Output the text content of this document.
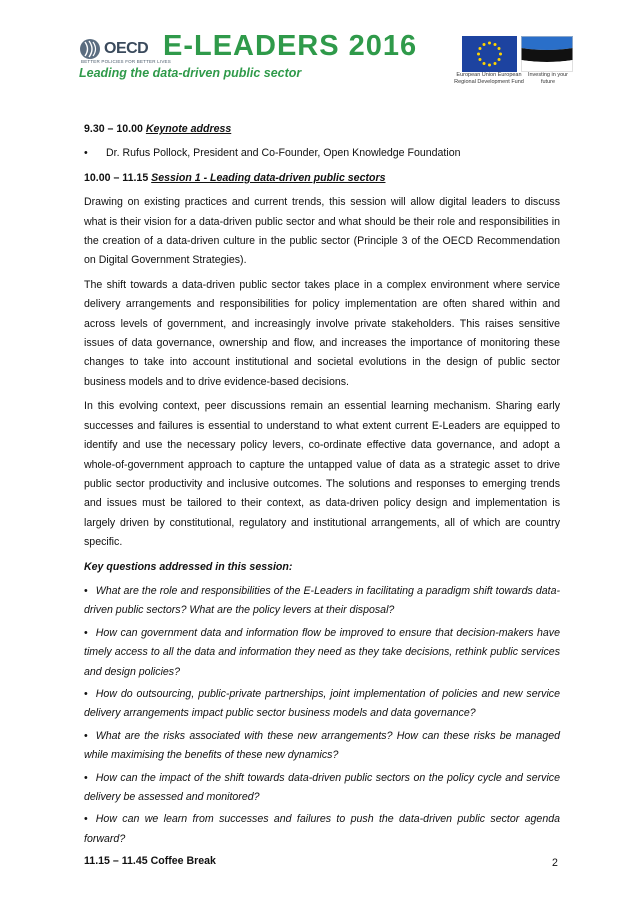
OECD
BETTER POLICIES FOR BETTER LIVES
E-LEADERS 2016
Leading the data-driven public sector	European Union European Regional Development Fund
Investing in your future
9.30 – 10.00 Keynote address
•	Dr. Rufus Pollock, President and Co-Founder, Open Knowledge Foundation
10.00 – 11.15 Session 1 - Leading data-driven public sectors

Drawing on existing practices and current trends, this session will allow digital leaders to discuss what is their vision for a data-driven public sector and what should be their role and responsibilities in the creation of a data-driven culture in the public sector (Principle 3 of the OECD Recommendation on Digital Government Strategies).

The shift towards a data-driven public sector takes place in a complex environment where service delivery arrangements and responsibilities for policy implementation are often shared within and across levels of government, and increasingly involve private stakeholders. This raises sensitive issues of data governance, ownership and flow, and increases the importance of monitoring these changes to take into account institutional and societal evolutions in the design of public sector business models and to drive evidence-based decisions.

In this evolving context, peer discussions remain an essential learning mechanism. Sharing early successes and failures is essential to understand to what extent current E-Leaders are equipped to identify and use the necessary policy levers, co-ordinate effective data governance, and adopt a whole-of-government approach to capture the untapped value of data as a strategic asset to drive public sector productivity and inclusive outcomes. The solutions and responses to emerging trends and issues must be tailored to their context, as data-driven policy design and implementation is largely driven by constitutional, regulatory and institutional arrangements, all of which are country specific.

Key questions addressed in this session:
• What are the role and responsibilities of the E-Leaders in facilitating a paradigm shift towards data-driven public sectors? What are the policy levers at their disposal?
• How can government data and information flow be improved to ensure that decision-makers have timely access to all the data and information they need as they take decisions, rethink public services and design policies?
• How do outsourcing, public-private partnerships, joint implementation of policies and new service delivery arrangements impact public sector business models and data governance?
• What are the risks associated with these new arrangements? How can these risks be managed while maximising the benefits of these new dynamics?
• How can the impact of the shift towards data-driven public sectors on the policy cycle and service delivery be assessed and monitored?
• How can we learn from successes and failures to push the data-driven public sector agenda forward?
11.15 – 11.45 Coffee Break	2
